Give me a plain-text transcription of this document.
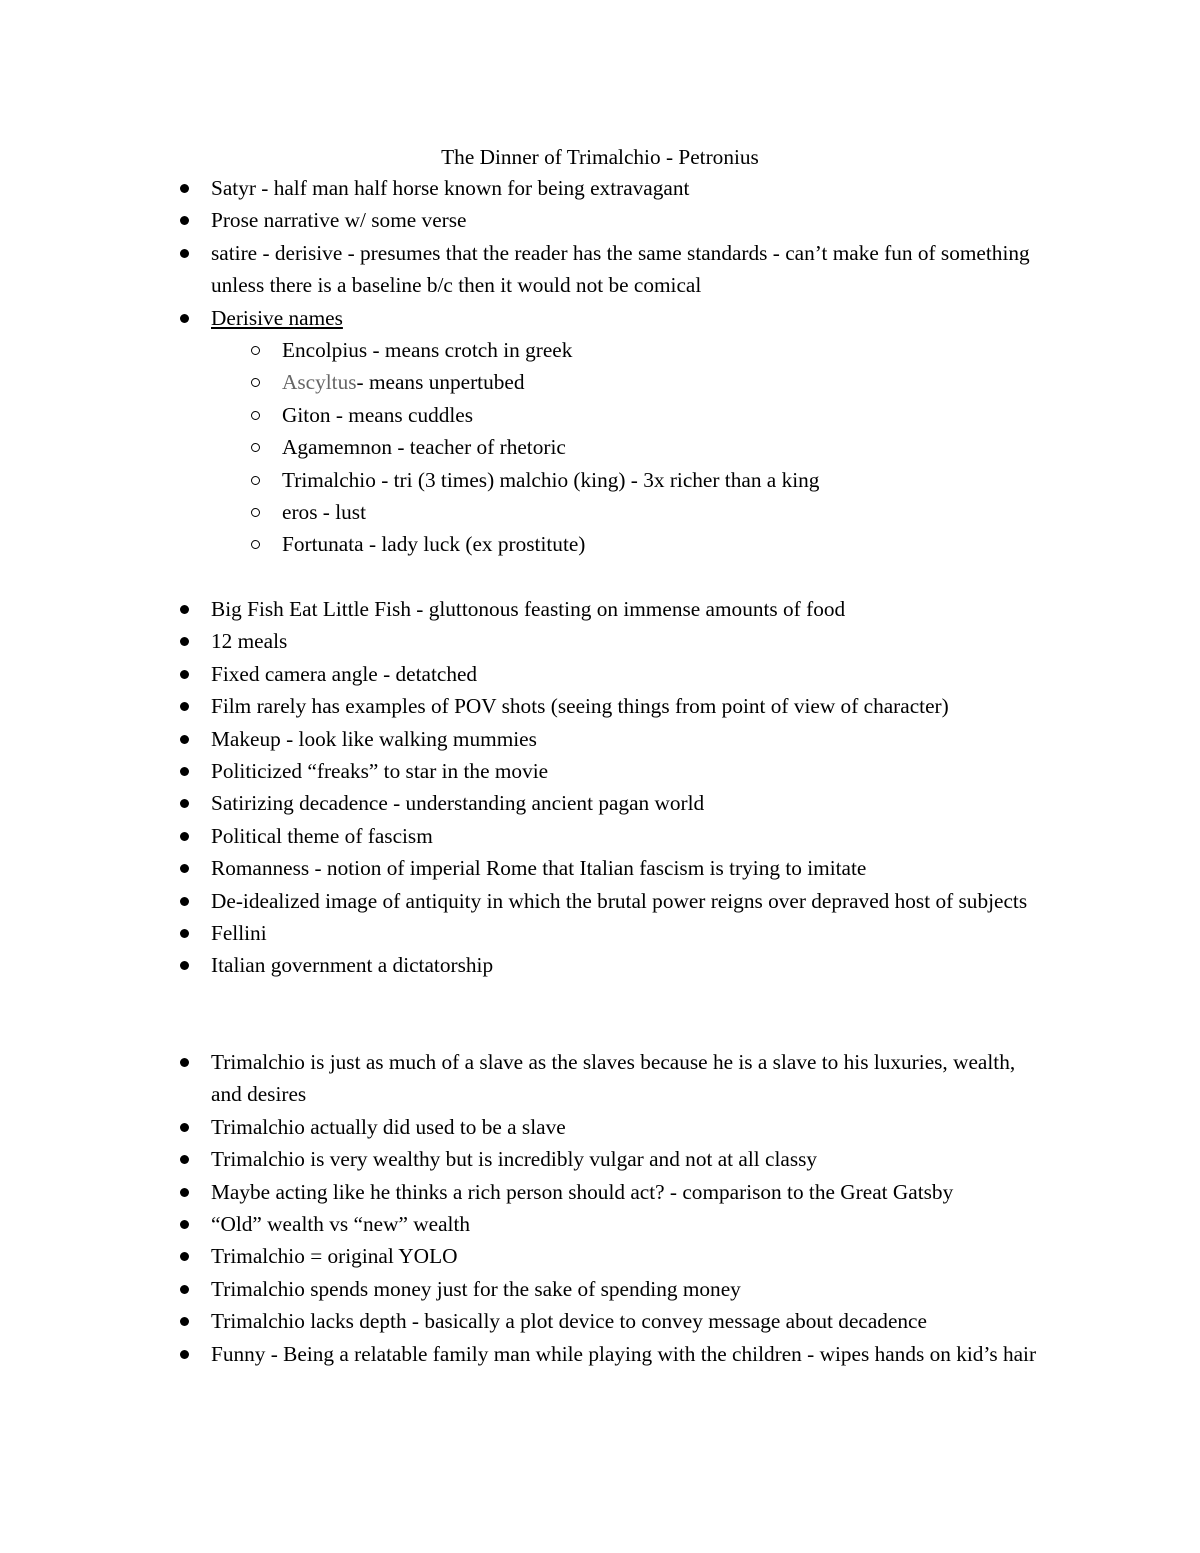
The Dinner of Trimalchio - Petronius
Satyr - half man half horse known for being extravagant
Prose narrative w/ some verse
satire - derisive - presumes that the reader has the same standards - can’t make fun of something unless there is a baseline b/c then it would not be comical
Derisive names
Encolpius - means crotch in greek
Ascyltus- means unpertubed
Giton - means cuddles
Agamemnon - teacher of rhetoric
Trimalchio - tri (3 times) malchio (king) - 3x richer than a king
eros - lust
Fortunata - lady luck (ex prostitute)
Big Fish Eat Little Fish - gluttonous feasting on immense amounts of food
12 meals
Fixed camera angle - detatched
Film rarely has examples of POV shots (seeing things from point of view of character)
Makeup - look like walking mummies
Politicized “freaks” to star in the movie
Satirizing decadence - understanding ancient pagan world
Political theme of fascism
Romanness - notion of imperial Rome that Italian fascism is trying to imitate
De-idealized image of antiquity in which the brutal power reigns over depraved host of subjects
Fellini
Italian government a dictatorship
Trimalchio is just as much of a slave as the slaves because he is a slave to his luxuries, wealth, and desires
Trimalchio actually did used to be a slave
Trimalchio is very wealthy but is incredibly vulgar and not at all classy
Maybe acting like he thinks a rich person should act? - comparison to the Great Gatsby
“Old” wealth vs “new” wealth
Trimalchio = original YOLO
Trimalchio spends money just for the sake of spending money
Trimalchio lacks depth - basically a plot device to convey message about decadence
Funny - Being a relatable family man while playing with the children - wipes hands on kid’s hair
